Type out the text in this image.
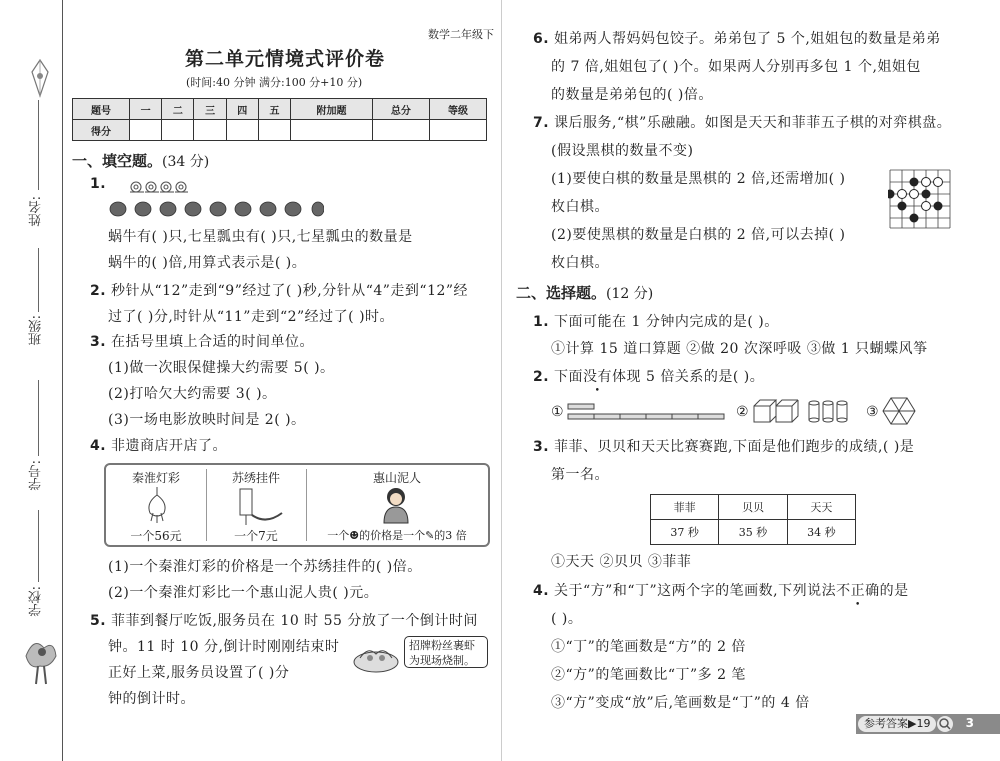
姓名:
班级:
学号:
学校:
数学二年级下
第二单元情境式评价卷
(时间:40 分钟 满分:100 分+10 分)
题号	一	二	三	四	五	附加题	总分	等级
得分								
一、填空题。(34 分)
1.
蜗牛有( )只,七星瓢虫有( )只,七星瓢虫的数量是
蜗牛的( )倍,用算式表示是( )。
2. 秒针从“12”走到“9”经过了( )秒,分针从“4”走到“12”经
过了( )分,时针从“11”走到“2”经过了( )时。
3. 在括号里填上合适的时间单位。
(1)做一次眼保健操大约需要 5( )。
(2)打哈欠大约需要 3( )。
(3)一场电影放映时间是 2( )。
4. 非遗商店开店了。
秦淮灯彩
一个56元
苏绣挂件
一个7元
惠山泥人
一个☻的价格是一个✎的3 倍
(1)一个秦淮灯彩的价格是一个苏绣挂件的( )倍。
(2)一个秦淮灯彩比一个惠山泥人贵( )元。
5. 菲菲到餐厅吃饭,服务员在 10 时 55 分放了一个倒计时间
钟。11 时 10 分,倒计时刚刚结束时
正好上菜,服务员设置了( )分
钟的倒计时。
招牌粉丝裹虾为现场烧制。
6. 姐弟两人帮妈妈包饺子。弟弟包了 5 个,姐姐包的数量是弟弟
的 7 倍,姐姐包了( )个。如果两人分别再多包 1 个,姐姐包
的数量是弟弟包的( )倍。
7. 课后服务,“棋”乐融融。如图是天天和菲菲五子棋的对弈棋盘。
(假设黑棋的数量不变)
(1)要使白棋的数量是黑棋的 2 倍,还需增加( )
枚白棋。
(2)要使黑棋的数量是白棋的 2 倍,可以去掉( )
枚白棋。
二、选择题。(12 分)
1. 下面可能在 1 分钟内完成的是( )。
①计算 15 道口算题 ②做 20 次深呼吸 ③做 1 只蝴蝶风筝
2. 下面没有体现 5 倍关系的是( )。
①	②	③
3. 菲菲、贝贝和天天比赛赛跑,下面是他们跑步的成绩,( )是
第一名。
菲菲	贝贝	天天
37 秒	35 秒	34 秒
①天天 ②贝贝 ③菲菲
4. 关于“方”和“丁”这两个字的笔画数,下列说法不正确的是
( )。
①“丁”的笔画数是“方”的 2 倍
②“方”的笔画数比“丁”多 2 笔
③“方”变成“放”后,笔画数是“丁”的 4 倍
参考答案▶19	3
